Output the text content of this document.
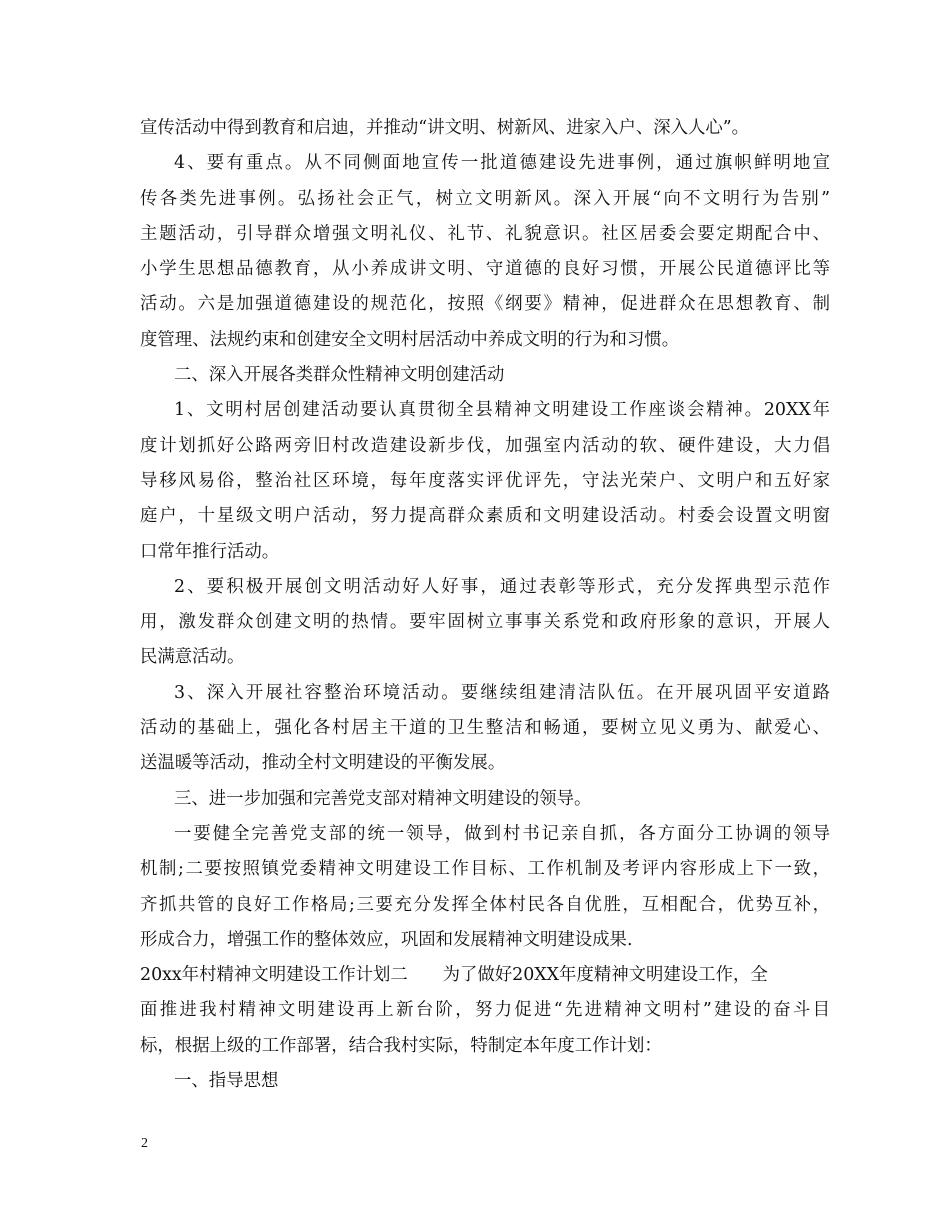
宣传活动中得到教育和启迪，并推动“讲文明、树新风、进家入户、深入人心”。
4、要有重点。从不同侧面地宣传一批道德建设先进事例，通过旗帜鲜明地宣
传各类先进事例。弘扬社会正气，树立文明新风。深入开展“向不文明行为告别”
主题活动，引导群众增强文明礼仪、礼节、礼貌意识。社区居委会要定期配合中、
小学生思想品德教育，从小养成讲文明、守道德的良好习惯，开展公民道德评比等
活动。六是加强道德建设的规范化，按照《纲要》精神，促进群众在思想教育、制
度管理、法规约束和创建安全文明村居活动中养成文明的行为和习惯。
二、深入开展各类群众性精神文明创建活动
1、文明村居创建活动要认真贯彻全县精神文明建设工作座谈会精神。20XX年
度计划抓好公路两旁旧村改造建设新步伐，加强室内活动的软、硬件建设，大力倡
导移风易俗，整治社区环境，每年度落实评优评先，守法光荣户、文明户和五好家
庭户，十星级文明户活动，努力提高群众素质和文明建设活动。村委会设置文明窗
口常年推行活动。
2、要积极开展创文明活动好人好事，通过表彰等形式，充分发挥典型示范作
用，激发群众创建文明的热情。要牢固树立事事关系党和政府形象的意识，开展人
民满意活动。
3、深入开展社容整治环境活动。要继续组建清洁队伍。在开展巩固平安道路
活动的基础上，强化各村居主干道的卫生整洁和畅通，要树立见义勇为、献爱心、
送温暖等活动，推动全村文明建设的平衡发展。
三、进一步加强和完善党支部对精神文明建设的领导。
一要健全完善党支部的统一领导，做到村书记亲自抓，各方面分工协调的领导
机制;二要按照镇党委精神文明建设工作目标、工作机制及考评内容形成上下一致，
齐抓共管的良好工作格局;三要充分发挥全体村民各自优胜，互相配合，优势互补，
形成合力，增强工作的整体效应，巩固和发展精神文明建设成果.
20xx年村精神文明建设工作计划二　　为了做好20XX年度精神文明建设工作，全
面推进我村精神文明建设再上新台阶，努力促进“先进精神文明村”建设的奋斗目
标，根据上级的工作部署，结合我村实际，特制定本年度工作计划：
一、指导思想
2
